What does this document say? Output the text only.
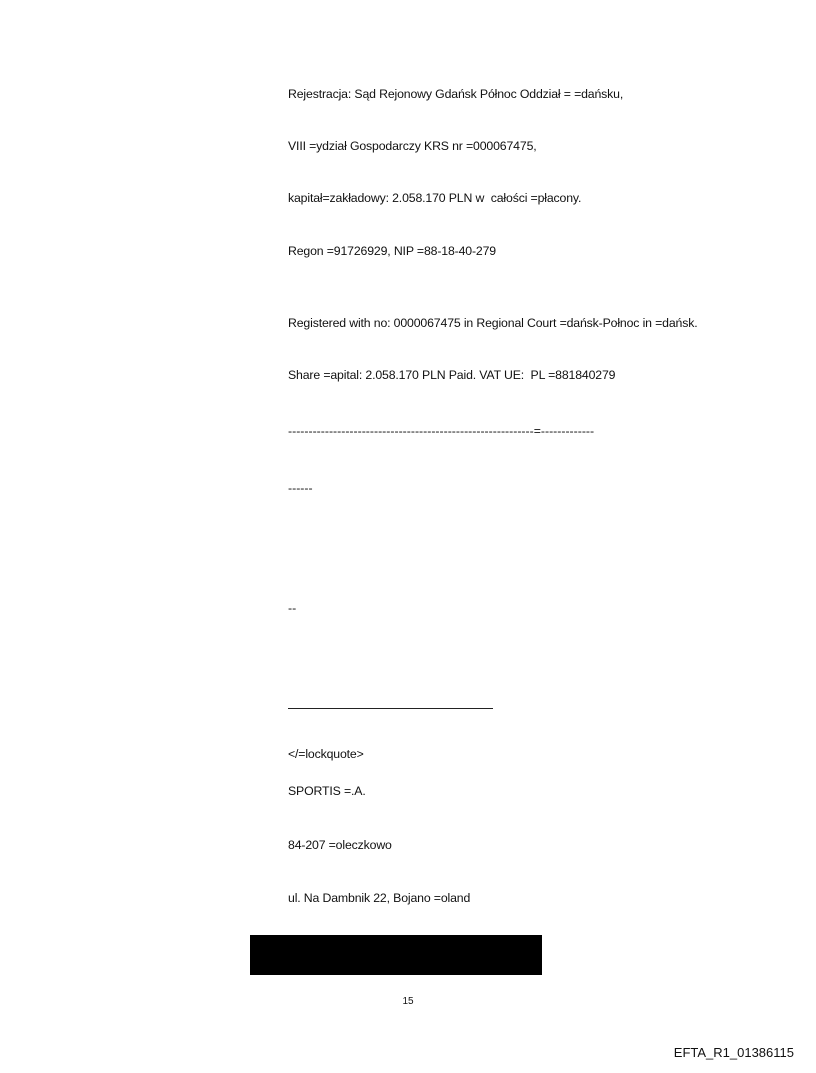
Rejestracja: Sąd Rejonowy Gdańsk Północ Oddział = =dańsku,
VIII =ydział Gospodarczy KRS nr =000067475,
kapitał=zakładowy: 2.058.170 PLN w  całości =płacony.
Regon =91726929, NIP =88-18-40-279
Registered with no: 0000067475 in Regional Court =dańsk-Połnoc in =dańsk.
Share =apital: 2.058.170 PLN Paid. VAT UE:  PL =881840279
------------------------------------------------------------=-------------
------
--
</=lockquote>
SPORTIS =.A.
84-207 =oleczkowo
ul. Na Dambnik 22, Bojano =oland
15
EFTA_R1_01386115
